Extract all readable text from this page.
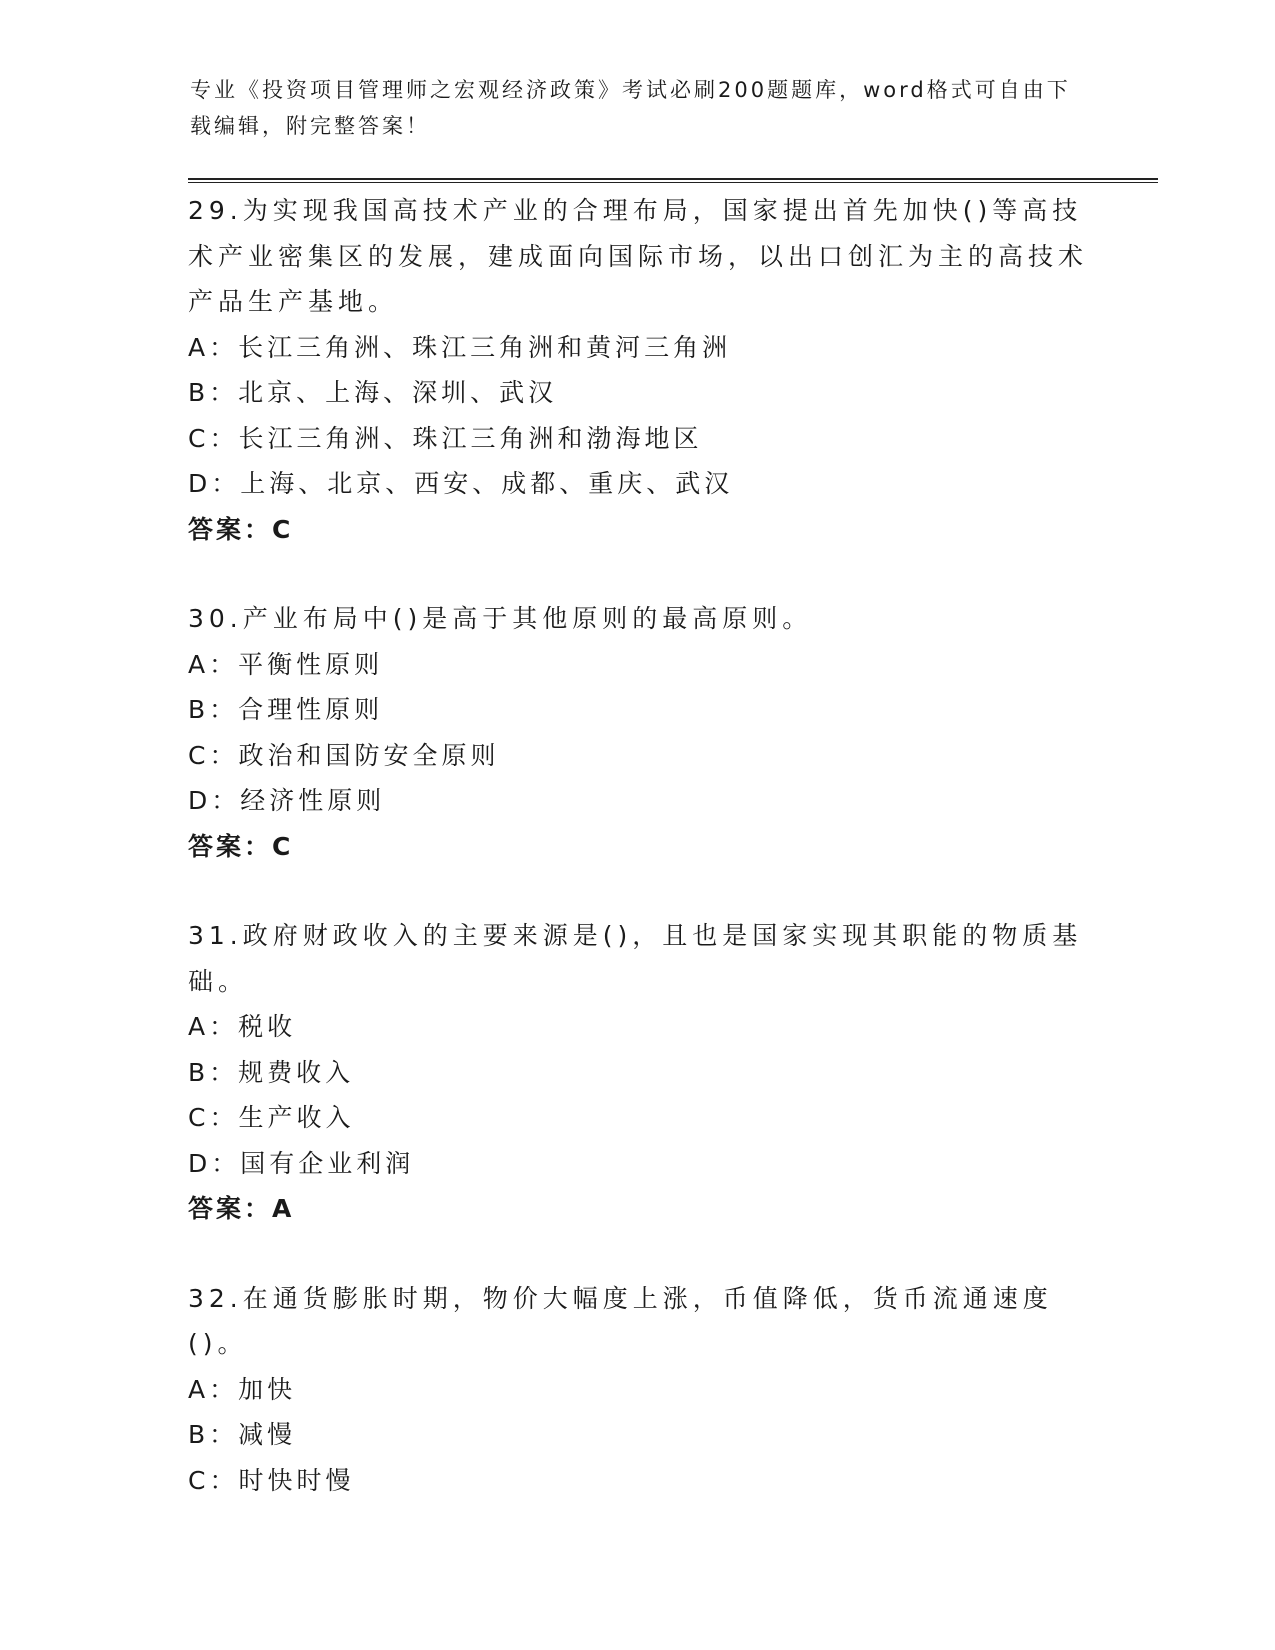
专业《投资项目管理师之宏观经济政策》考试必刷200题题库，word格式可自由下载编辑，附完整答案！

29.为实现我国高技术产业的合理布局，国家提出首先加快()等高技术产业密集区的发展，建成面向国际市场，以出口创汇为主的高技术产品生产基地。

A：长江三角洲、珠江三角洲和黄河三角洲
B：北京、上海、深圳、武汉
C：长江三角洲、珠江三角洲和渤海地区
D：上海、北京、西安、成都、重庆、武汉
答案：C

30.产业布局中()是高于其他原则的最高原则。

A：平衡性原则
B：合理性原则
C：政治和国防安全原则
D：经济性原则
答案：C

31.政府财政收入的主要来源是()，且也是国家实现其职能的物质基础。

A：税收
B：规费收入
C：生产收入
D：国有企业利润
答案：A

32.在通货膨胀时期，物价大幅度上涨，币值降低，货币流通速度()。

A：加快
B：减慢
C：时快时慢
